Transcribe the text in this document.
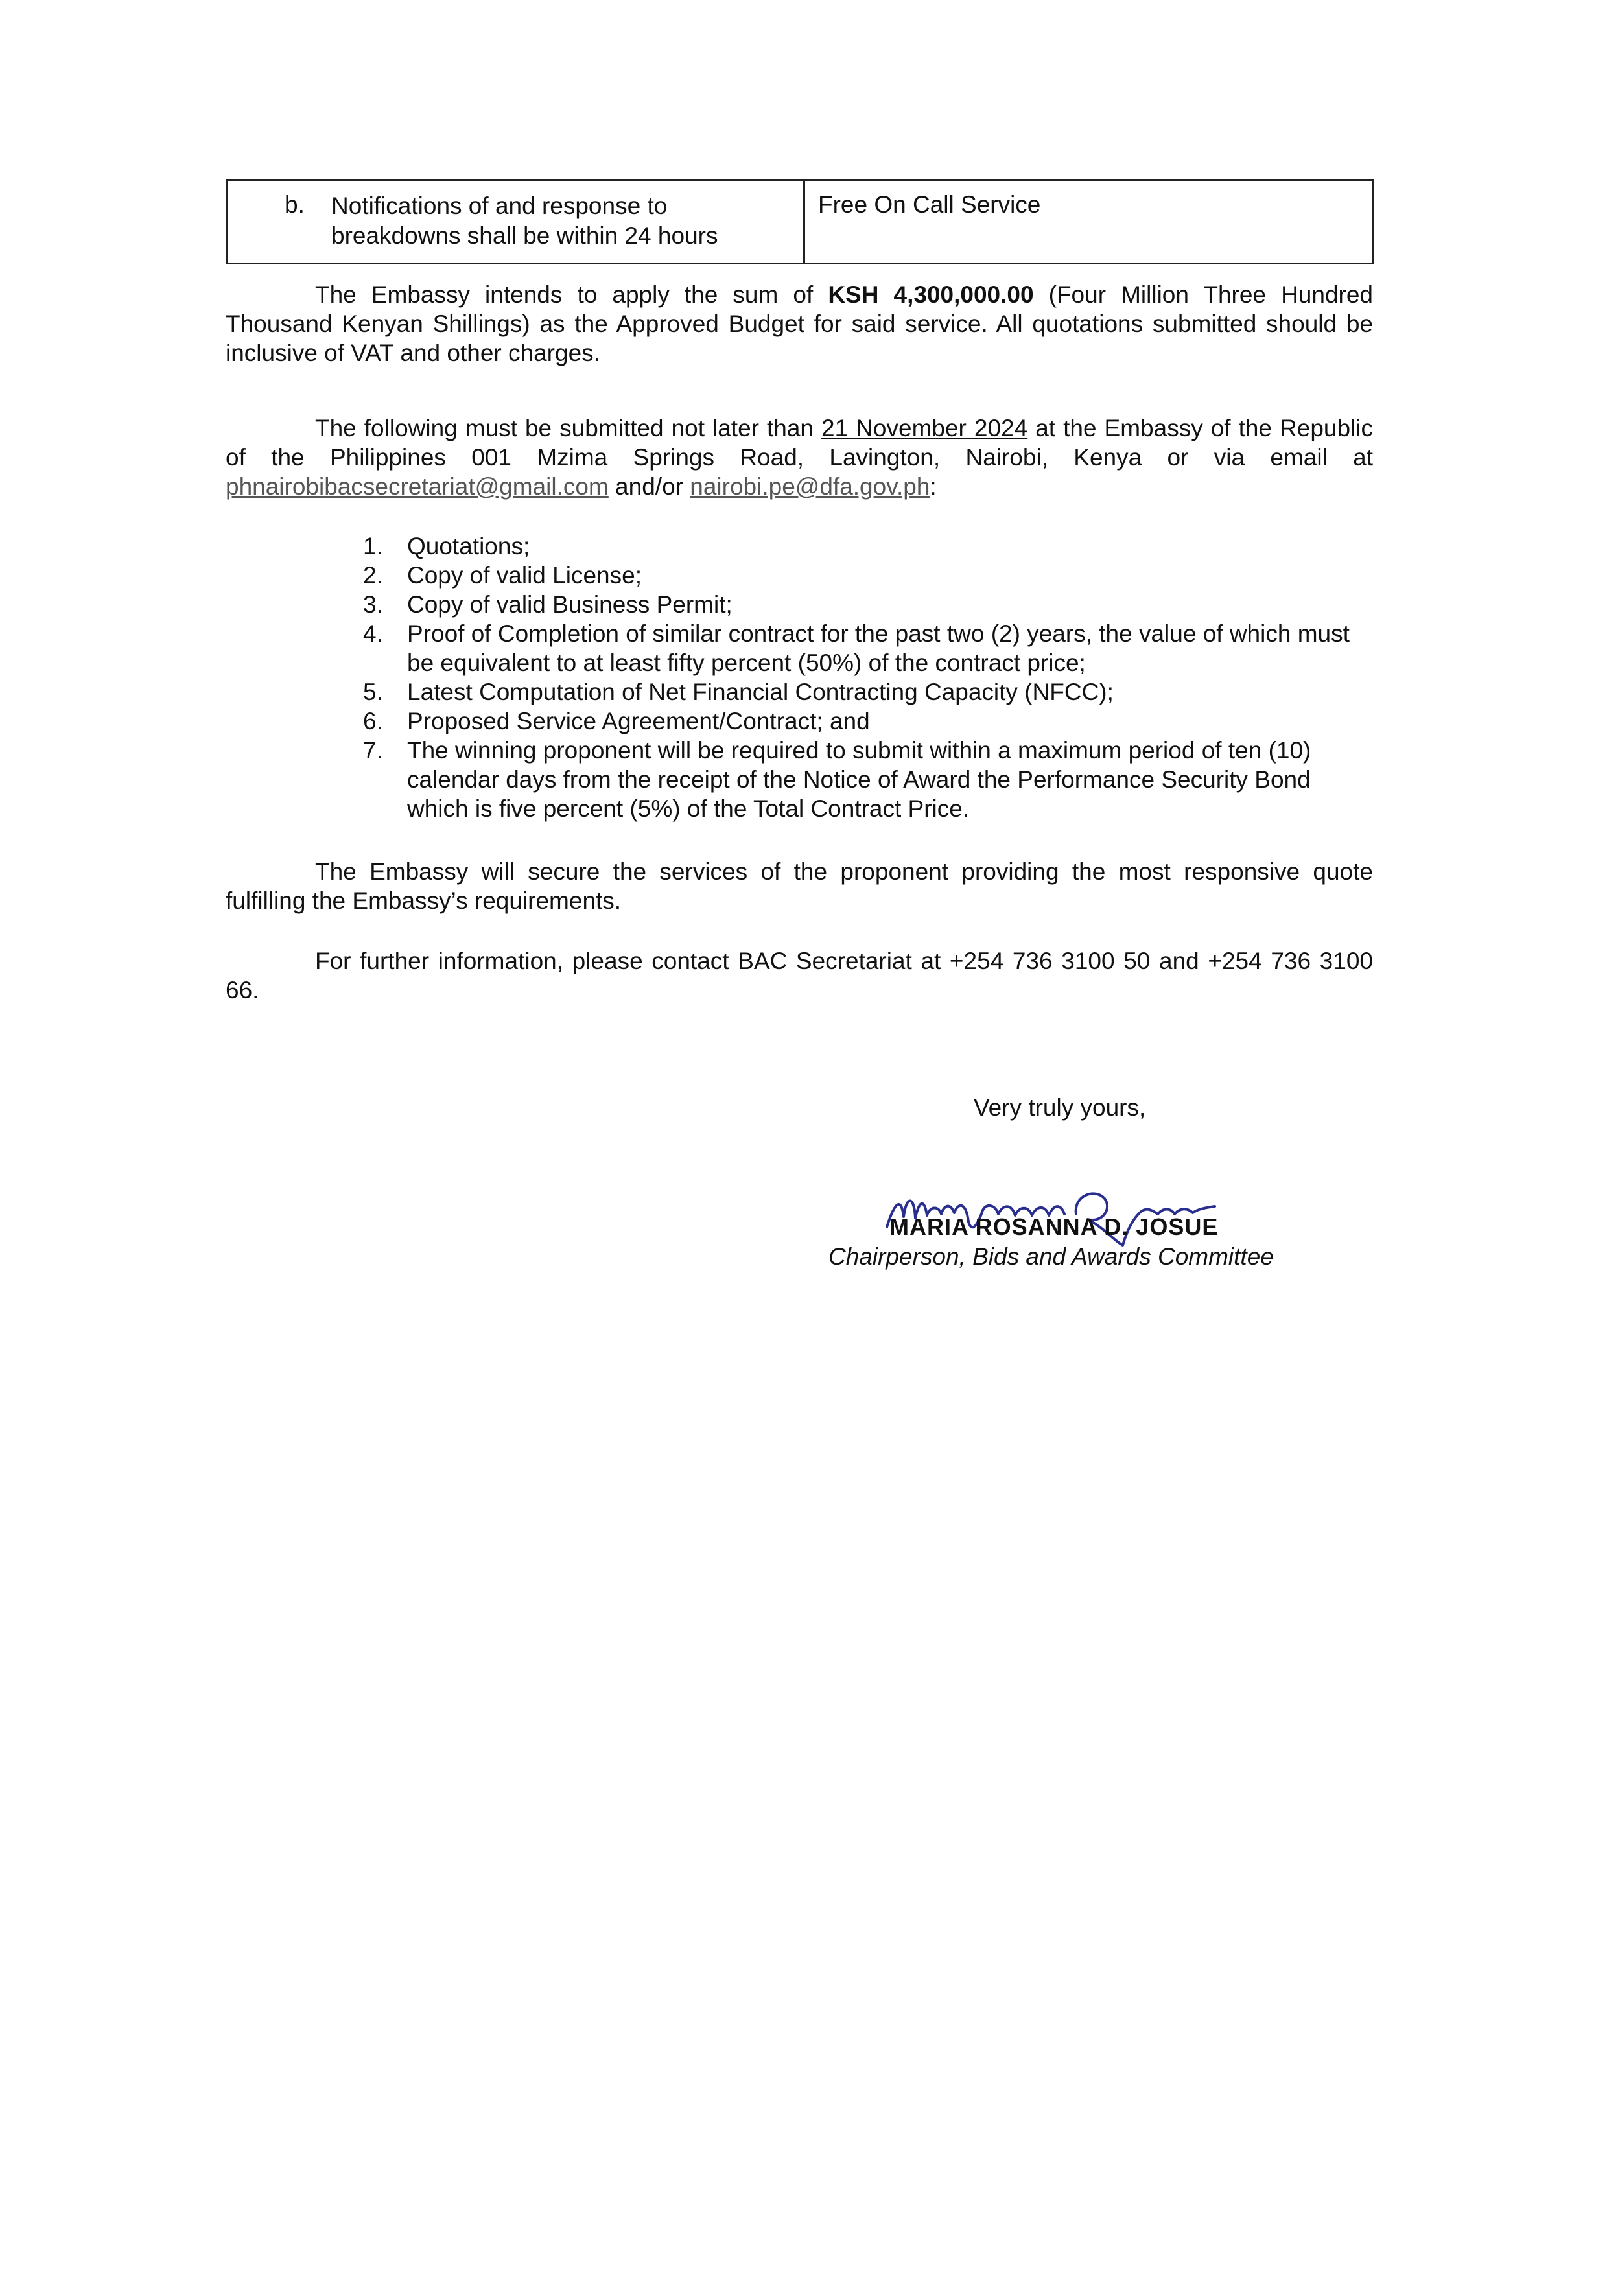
b. Notifications of and response to
breakdowns shall be within 24 hours
Free On Call Service

The Embassy intends to apply the sum of KSH 4,300,000.00 (Four Million Three Hundred Thousand Kenyan Shillings) as the Approved Budget for said service. All quotations submitted should be inclusive of VAT and other charges.

The following must be submitted not later than 21 November 2024 at the Embassy of the Republic of the Philippines 001 Mzima Springs Road, Lavington, Nairobi, Kenya or via email at phnairobibacsecretariat@gmail.com and/or nairobi.pe@dfa.gov.ph:

1. Quotations;
2. Copy of valid License;
3. Copy of valid Business Permit;
4. Proof of Completion of similar contract for the past two (2) years, the value of which must be equivalent to at least fifty percent (50%) of the contract price;
5. Latest Computation of Net Financial Contracting Capacity (NFCC);
6. Proposed Service Agreement/Contract; and
7. The winning proponent will be required to submit within a maximum period of ten (10) calendar days from the receipt of the Notice of Award the Performance Security Bond which is five percent (5%) of the Total Contract Price.

The Embassy will secure the services of the proponent providing the most responsive quote fulfilling the Embassy’s requirements.

For further information, please contact BAC Secretariat at +254 736 3100 50 and +254 736 3100 66.

Very truly yours,
MARIA ROSANNA D. JOSUE
Chairperson, Bids and Awards Committee
